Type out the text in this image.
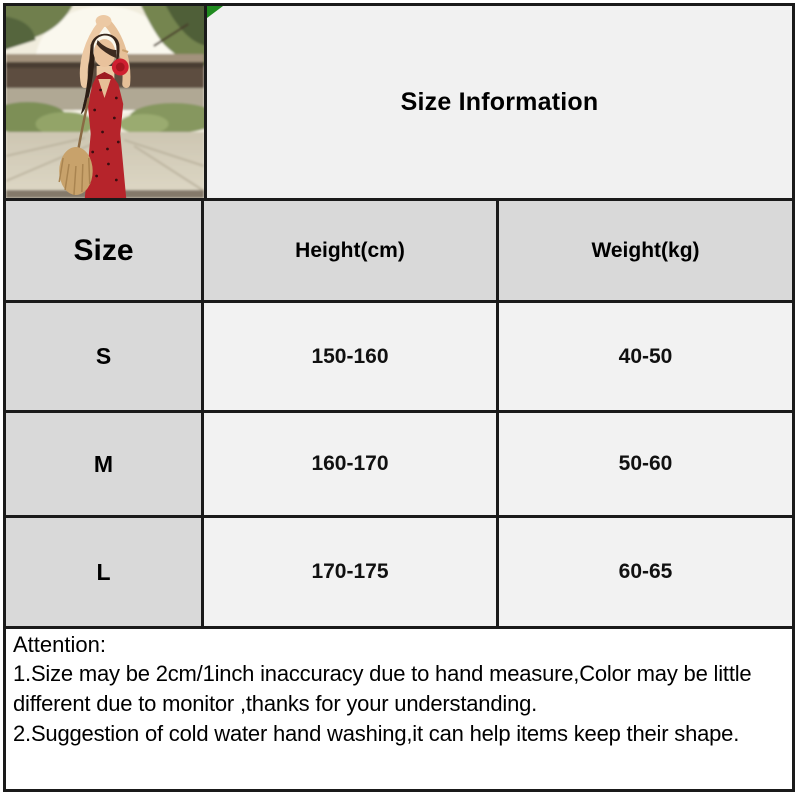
Size Information
Size	Height(cm)	Weight(kg)
S	150-160	40-50
M	160-170	50-60
L	170-175	60-65
Attention:
1.Size may be 2cm/1inch inaccuracy due to hand measure,Color may be little different due to monitor ,thanks for your understanding.
2.Suggestion of cold water hand washing,it can help items keep their shape.
